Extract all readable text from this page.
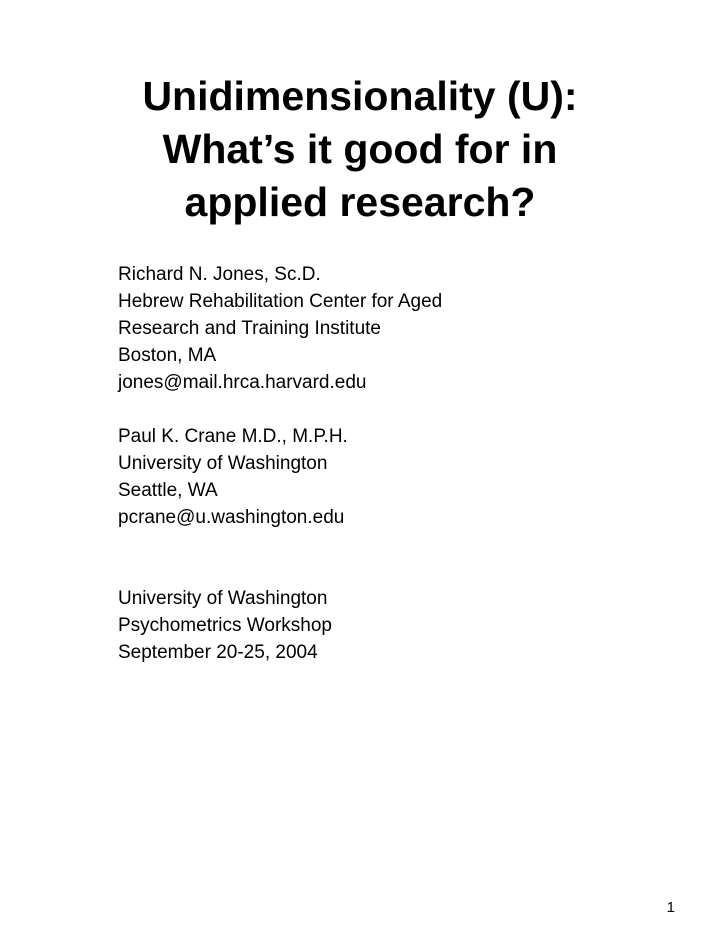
Unidimensionality (U):
What’s it good for in
applied research?
Richard N. Jones, Sc.D.
Hebrew Rehabilitation Center for Aged
Research and Training Institute
Boston, MA
jones@mail.hrca.harvard.edu
Paul K. Crane M.D., M.P.H.
University of Washington
Seattle, WA
pcrane@u.washington.edu
University of Washington
Psychometrics Workshop
September 20-25, 2004
1
